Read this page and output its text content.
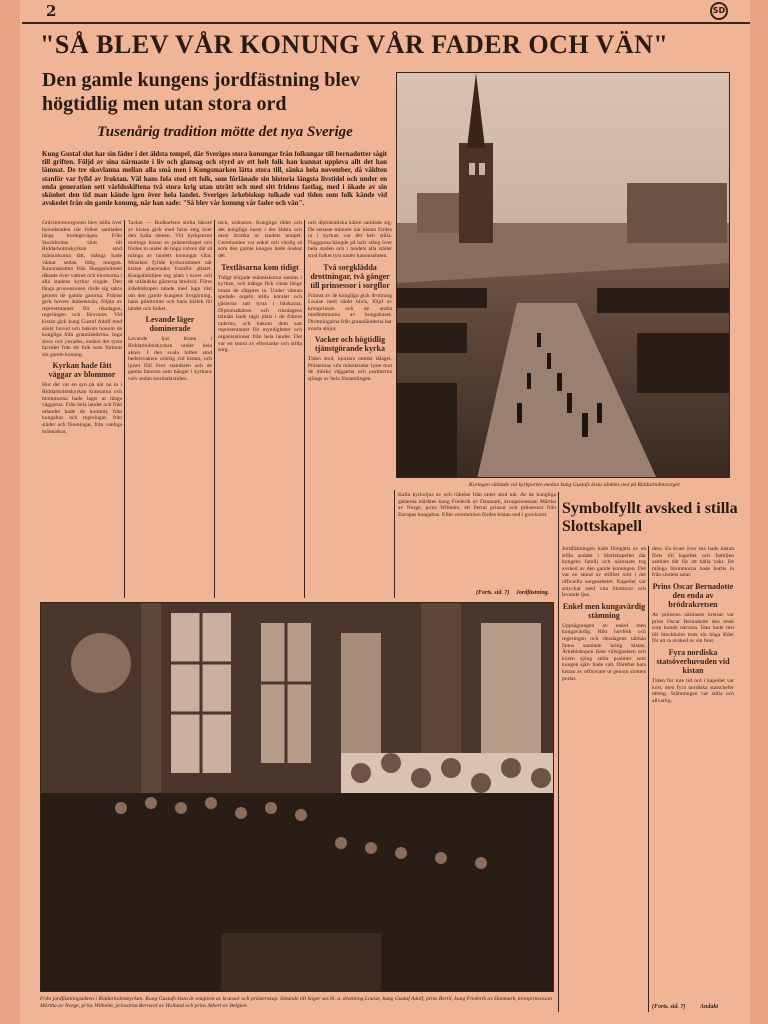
2	SD
"SÅ BLEV VÅR KONUNG VÅR FADER OCH VÄN"
Den gamle kungens jordfästning blev högtidlig men utan stora ord
Tusenårig tradition mötte det nya Sverige

Kung Gustaf slut har sin fäder i det äldsta tempel, där Sveriges stora konungar från folkungar till bernadotter sågit till griften. Följd av sina närmaste i liv och glansag och styrd av ett helt folk han kunnat uppleva allt det han lämnat. De tre skovlanna mellan alla små men i Kungsmarken lätta stora till, sänka hela november, då våldten stanför var fylld av fruktan. Väl hans fola stod ett folk, som förlänade sin historia längsta livstidel och under en enda generation sett världsskiftena två stora krig utan uträtt och med sitt fridens fastlag, med i ökade av sin skönhet den tid man kände igen över hela landet. Sveriges ärkebiskop tolkade vad tiden som folk kände vid avskedet från sin gamle konung, när han sade: "Så blev vår konung vår fader och vän".

Kortegen väntade vid kyrkporten medan kung Gustafs kista sänktes ned på Riddarholmstorget.

Gråvintermorgonen blev stilla över huvudstaden när folket samlades längs kortegevägen. Från Stockholms slott till Riddarholmskyrkan stod människorna tätt, många hade väntat sedan tidig morgon. Kanonskotten från Skeppsholmen dånade över vattnet och klockorna i alla stadens kyrkor ringde. Den långa processionen rörde sig sakta genom de gamla gatorna. Främst gick hovets ämbetsmän, följda av representanter för riksdagen, regeringen och försvaret. Vid kistan gick kung Gustaf Adolf med sänkt huvud och bakom honom de kungliga från grannländerna. Inga stora ord yttrades, endast det tysta farvälet från ett folk som förlorat sin gamle konung.

Kyrkan hade fått väggar av blommor

Hur det var en syn på när nu in i Riddarholmskyrkan kransarna och blommorna hade lagts ut längs väggarna. Från hela landet och från utlandet hade de kommit, från kungahus och regeringar, från städer och föreningar, från vanliga människor.

Tacket — Budkarlens stolta bärare av kistan gick med fasta steg över den kalla stenen. Vid kyrkporten mottogs kistan av prästerskapet och fördes in under de höga valven där så många av landets konungar vilar. Musiken fyllde kyrkorummet när kistan placerades framför altaret. Kungafamiljen tog plats i koret och de utländska gästerna bredvid. Förre ärkebiskopen talade med lugn röst om den gamle kungens livsgärning, hans plikttrohet och hans kärlek till landet och folket.

Levande läger dominerade

Levande ljus brann i Riddarholmskyrkan under hela akten. I den svala luften stod hedersvakten orörlig vid kistan, och ljuset föll över standaren och de gamla fanorna som hänger i kyrkans valv sedan stormaktstiden.

tack, ordnaren. Kungliga rådet och det kungliga huset i det äldsta och mest ärorika av landets tempel. Ceremonien var enkel och värdig så som den gamle kungen hade önskat det.

Textläsarna kom tidigt

Tidigt började människorna samlas i kyrkan, och många fick vänta länge innan de släpptes in. Under väntan spelade orgeln stilla koraler och gästerna satt tysta i bänkarna. Diplomatkåren och riksdagens talmän hade tagit plats i de främre raderna, och bakom dem satt representanter för myndigheter och organisationer från hela landet. Det var en stund av eftertanke och stilla sorg.

och diplomatiska kåren samlade sig. De senaste minuter när kistan fördes in i kyrkan var det helt stilla. Flaggorna hängde på halv stång över hela staden och i landets alla städer stod folket tyst under kanonsaluten.

Två sorgklädda drottningar, två gånger till prinsessor i sorgflor

Främst av de kungliga gick drottning Louise med sänkt blick, följd av kronprinsen och de andra medlemmarna av kungahuset. Drottningarna från grannländerna bar svarta slöjor.

Vacker och högtidlig tjänstgörande kyrka

Tiden stod, hjortars omtikt tålaget. Prästernas vita mässkrudar lyste mot de mörka väggarna och psalmerna sjöngs av hela församlingen.

Kalla kyrkoljus av och rökelse från rader stod när. Av de kungliga gästerna märktes kung Frederik av Danmark, kronprinsessan Märtha av Norge, prins Wilhelm, ett flertal prinsar och prinsessor från Europas kungahus. Efter ceremonien fördes kistan ned i gravkoret.

(Forts. sid. 7) Jordfästning.
Symbolfyllt avsked i stilla Slottskapell

Jordfästningen hade föregåtts av en stilla andakt i Slottskapellet där kungens familj och närmaste tog avsked av den gamle konungen. Det var en stund av stillhet mitt i det officiella sorgearbetet. Kapellet var smyckat med vita blommor och levande ljus.

Enkel men kungavärdig stämning

Uppsägningen av enkel men kungavärdig. Rikt hovfolk och regeringen och riksdagens talmän fanns samlade kring kistan. Ärkebiskopen läste välsignelsen och kören sjöng stilla psalmer som kungen själv hade valt. Därefter bars kistan av officerare ut genom slottets portar.

dess. En kvart över sex hade kistan förts till kapellet och familjen samlats där för att hålla vakt. De många blommorna hade burits in från slottets salar.

Prins Oscar Bernadotte den enda av brödrakretsen

Av prinsens närmaste kretsar var prins Oscar Bernadotte den ende som kunde närvara. Han hade rest till Stockholm trots sin höga ålder för att ta avsked av sin bror.

Fyra nordiska statsöverhuvuden vid kistan

Tiden för inre tid ord i kapellet var kort, men fyra nordiska statschefer deltog. Stämningen var stilla och allvarlig.

(Forts. sid. 7) Andakt
Från jordfästningsakten i Riddarholmskyrkan. Kung Gustafs kista är omgiven av kransar och prästerskap. Sittande till höger ses bl. a. drottning Louise, kung Gustaf Adolf, prins Bertil, kung Frederik av Danmark, kronprinsessan Märtha av Norge, prins Wilhelm, prinsarna Bernard av Holland och prins Albert av Belgien.
